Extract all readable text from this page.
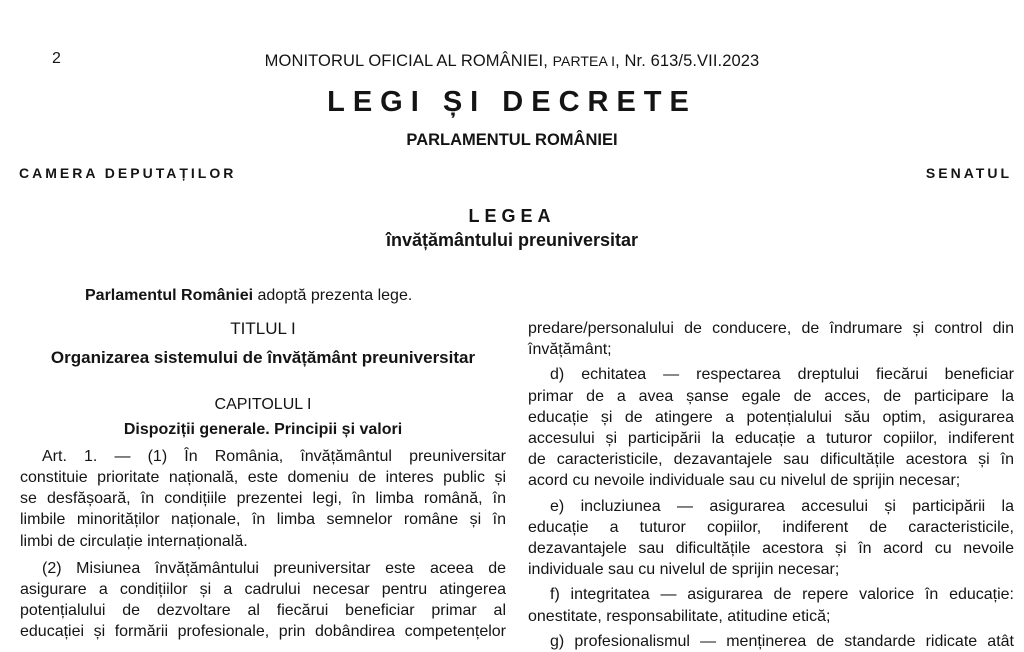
2	MONITORUL OFICIAL AL ROMÂNIEI, PARTEA I, Nr. 613/5.VII.2023
LEGI ȘI DECRETE
PARLAMENTUL ROMÂNIEI
CAMERA DEPUTAȚILOR	SENATUL
LEGEA
învățământului preuniversitar
Parlamentul României adoptă prezenta lege.
TITLUL I
Organizarea sistemului de învățământ preuniversitar
CAPITOLUL I
Dispoziții generale. Principii și valori
Art. 1. — (1) În România, învățământul preuniversitar
constituie prioritate națională, este domeniu de interes public și
se desfășoară, în condițiile prezentei legi, în limba română, în
limbile minorităților naționale, în limba semnelor române și în
limbi de circulație internațională.
(2) Misiunea învățământului preuniversitar este aceea de
asigurare a condițiilor și a cadrului necesar pentru atingerea
potențialului de dezvoltare al fiecărui beneficiar primar al
educației și formării profesionale, prin dobândirea competențelor
predare/personalului de conducere, de îndrumare și control din
învățământ;
d) echitatea — respectarea dreptului fiecărui beneficiar
primar de a avea șanse egale de acces, de participare la
educație și de atingere a potențialului său optim, asigurarea
accesului și participării la educație a tuturor copiilor, indiferent
de caracteristicile, dezavantajele sau dificultățile acestora și în
acord cu nevoile individuale sau cu nivelul de sprijin necesar;
e) incluziunea — asigurarea accesului și participării la
educație a tuturor copiilor, indiferent de caracteristicile,
dezavantajele sau dificultățile acestora și în acord cu nevoile
individuale sau cu nivelul de sprijin necesar;
f) integritatea — asigurarea de repere valorice în educație:
onestitate, responsabilitate, atitudine etică;
g) profesionalismul — menținerea de standarde ridicate atât
